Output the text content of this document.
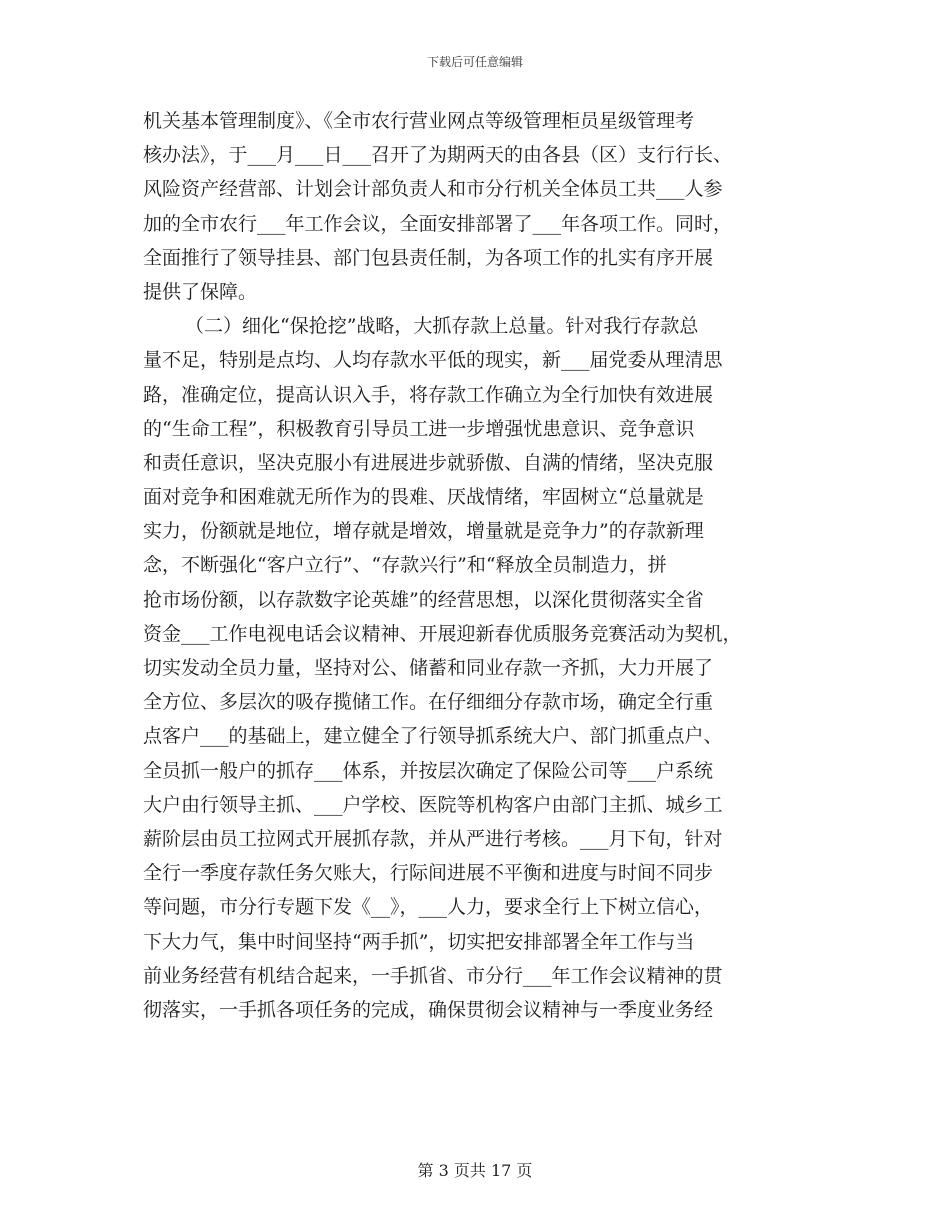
下载后可任意编辑
机关基本管理制度》、《全市农行营业网点等级管理柜员星级管理考
核办法》，于___月___日___召开了为期两天的由各县（区）支行行长、
风险资产经营部、计划会计部负责人和市分行机关全体员工共___人参
加的全市农行___年工作会议，全面安排部署了___年各项工作。同时，
全面推行了领导挂县、部门包县责任制，为各项工作的扎实有序开展
提供了保障。
（二）细化“保抢挖”战略，大抓存款上总量。针对我行存款总
量不足，特别是点均、人均存款水平低的现实，新___届党委从理清思
路，准确定位，提高认识入手，将存款工作确立为全行加快有效进展
的“生命工程”，积极教育引导员工进一步增强忧患意识、竞争意识
和责任意识，坚决克服小有进展进步就骄傲、自满的情绪，坚决克服
面对竞争和困难就无所作为的畏难、厌战情绪，牢固树立“总量就是
实力，份额就是地位，增存就是增效，增量就是竞争力”的存款新理
念，不断强化“客户立行”、“存款兴行”和“释放全员制造力，拼
抢市场份额，以存款数字论英雄”的经营思想，以深化贯彻落实全省
资金___工作电视电话会议精神、开展迎新春优质服务竞赛活动为契机，
切实发动全员力量，坚持对公、储蓄和同业存款一齐抓，大力开展了
全方位、多层次的吸存揽储工作。在仔细细分存款市场，确定全行重
点客户___的基础上，建立健全了行领导抓系统大户、部门抓重点户、
全员抓一般户的抓存___体系，并按层次确定了保险公司等___户系统
大户由行领导主抓、___户学校、医院等机构客户由部门主抓、城乡工
薪阶层由员工拉网式开展抓存款，并从严进行考核。___月下旬，针对
全行一季度存款任务欠账大，行际间进展不平衡和进度与时间不同步
等问题，市分行专题下发《__》，___人力，要求全行上下树立信心，
下大力气，集中时间坚持“两手抓”，切实把安排部署全年工作与当
前业务经营有机结合起来，一手抓省、市分行___年工作会议精神的贯
彻落实，一手抓各项任务的完成，确保贯彻会议精神与一季度业务经
第 3 页共 17 页
